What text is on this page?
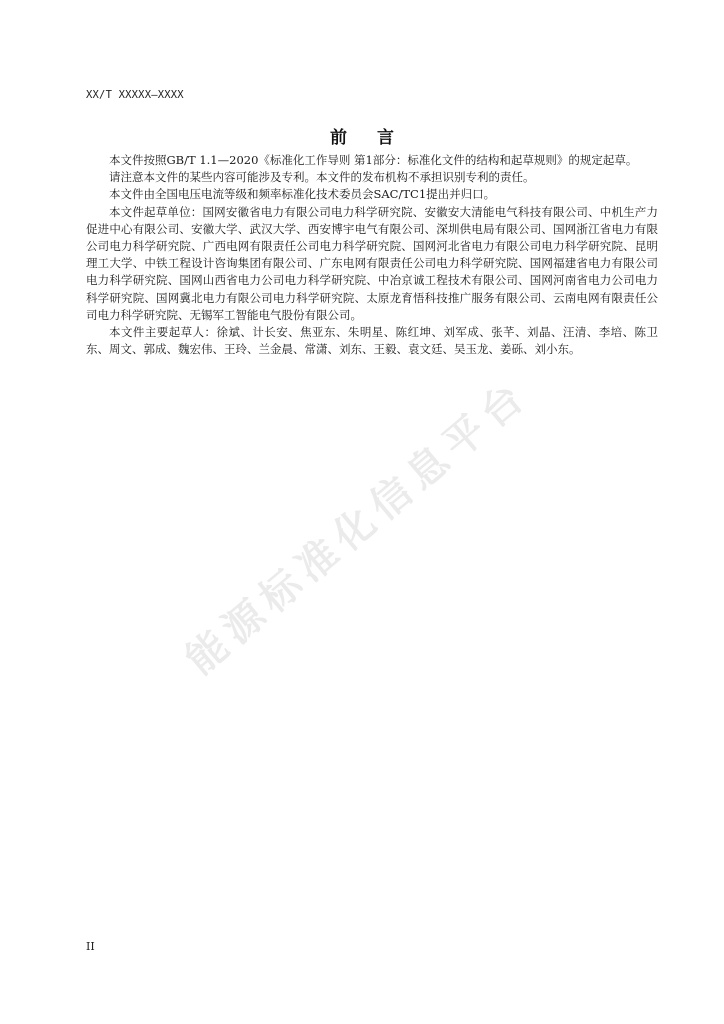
XX/T XXXXX—XXXX
前言

本文件按照GB/T 1.1—2020《标准化工作导则 第1部分：标准化文件的结构和起草规则》的规定起草。

请注意本文件的某些内容可能涉及专利。本文件的发布机构不承担识别专利的责任。

本文件由全国电压电流等级和频率标准化技术委员会SAC/TC1提出并归口。

本文件起草单位：国网安徽省电力有限公司电力科学研究院、安徽安大清能电气科技有限公司、中机生产力促进中心有限公司、安徽大学、武汉大学、西安博宇电气有限公司、深圳供电局有限公司、国网浙江省电力有限公司电力科学研究院、广西电网有限责任公司电力科学研究院、国网河北省电力有限公司电力科学研究院、昆明理工大学、中铁工程设计咨询集团有限公司、广东电网有限责任公司电力科学研究院、国网福建省电力有限公司电力科学研究院、国网山西省电力公司电力科学研究院、中冶京诚工程技术有限公司、国网河南省电力公司电力科学研究院、国网冀北电力有限公司电力科学研究院、太原龙育悟科技推广服务有限公司、云南电网有限责任公司电力科学研究院、无锡军工智能电气股份有限公司。

本文件主要起草人：徐斌、计长安、焦亚东、朱明星、陈红坤、刘军成、张芊、刘晶、汪清、李培、陈卫东、周文、郭成、魏宏伟、王玲、兰金晨、常潇、刘东、王毅、袁文廷、吴玉龙、姜砾、刘小东。

能源标准化信息平台
II
